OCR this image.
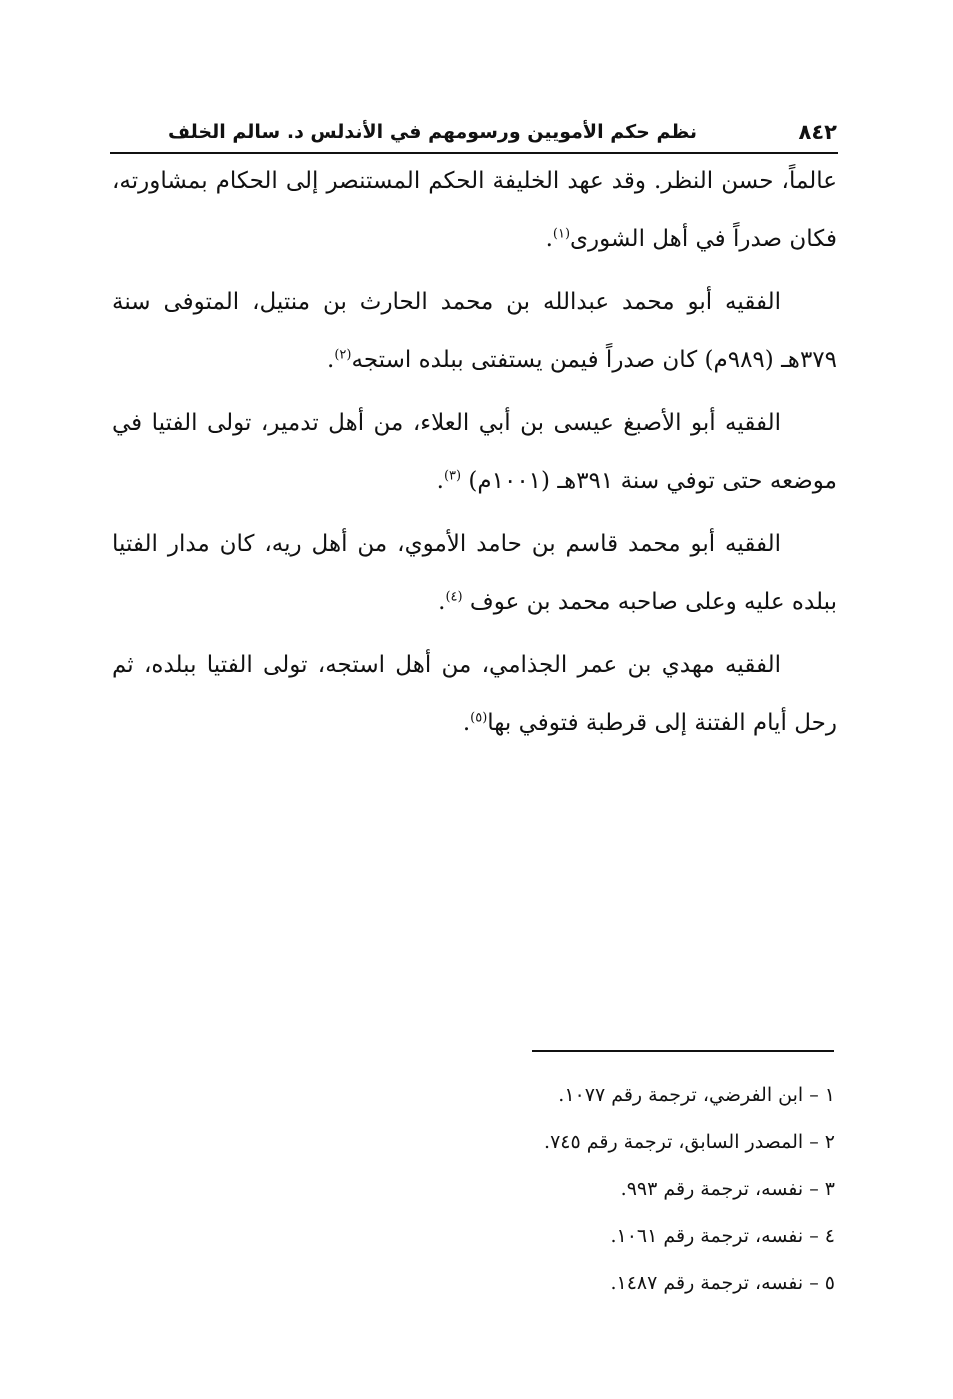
٨٤٢
نظم حكم الأمويين ورسومهم في الأندلس د. سالم الخلف

عالماً، حسن النظر. وقد عهد الخليفة الحكم المستنصر إلى الحكام بمشاورته، فكان صدراً في أهل الشورى$^{(١)}$.

الفقيه أبو محمد عبدالله بن محمد الحارث بن منتيل، المتوفى سنة ٣٧٩هـ (٩٨٩م) كان صدراً فيمن يستفتى ببلده استجه$^{(٢)}$.

الفقيه أبو الأصبغ عيسى بن أبي العلاء، من أهل تدمير، تولى الفتيا في موضعه حتى توفي سنة ٣٩١هـ (١٠٠١م) $^{(٣)}$.

الفقيه أبو محمد قاسم بن حامد الأموي، من أهل ريه، كان مدار الفتيا ببلده عليه وعلى صاحبه محمد بن عوف $^{(٤)}$.

الفقيه مهدي بن عمر الجذامي، من أهل استجه، تولى الفتيا ببلده، ثم رحل أيام الفتنة إلى قرطبة فتوفي بها$^{(٥)}$.

١ – ابن الفرضي، ترجمة رقم ١٠٧٧.
٢ – المصدر السابق، ترجمة رقم ٧٤٥.
٣ – نفسه، ترجمة رقم ٩٩٣.
٤ – نفسه، ترجمة رقم ١٠٦١.
٥ – نفسه، ترجمة رقم ١٤٨٧.
